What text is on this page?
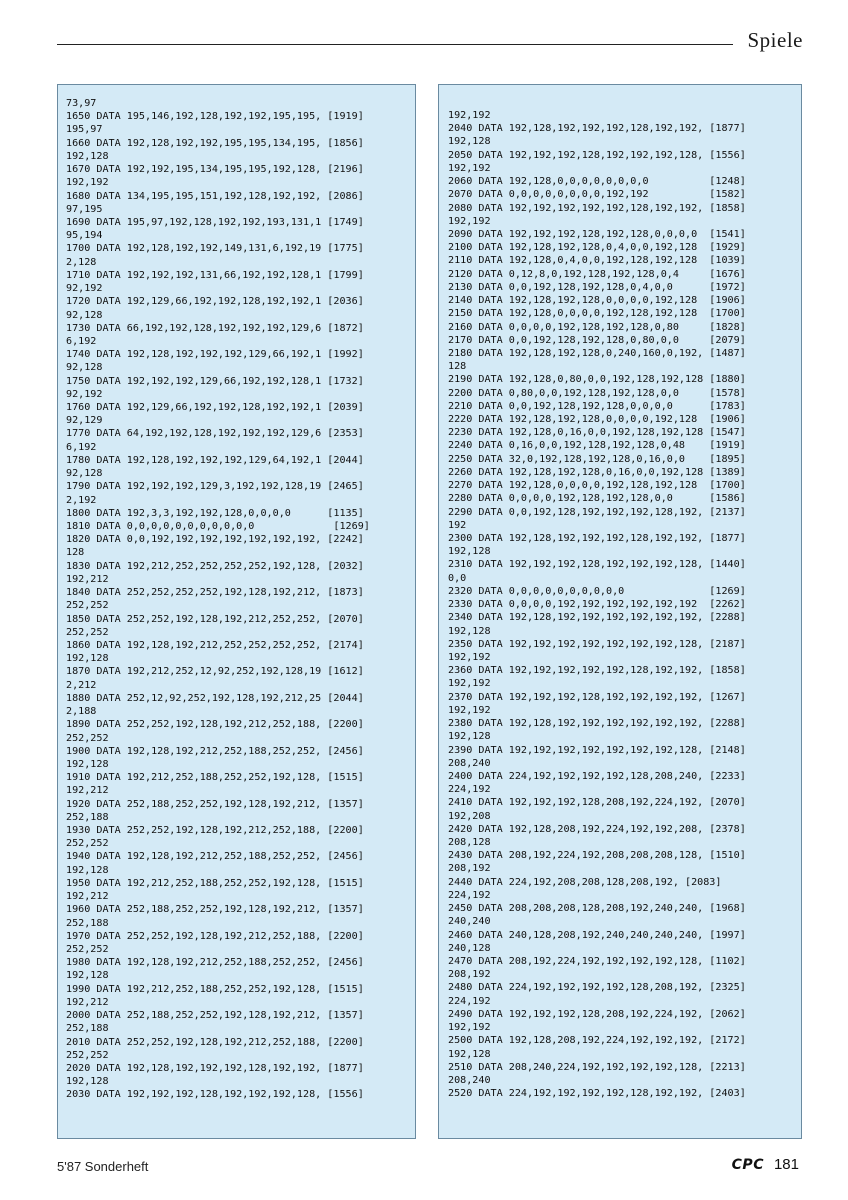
Spiele
73,97
1650 DATA 195,146,192,128,192,192,195,195, [1919]
195,97
1660 DATA 192,128,192,192,195,195,134,195, [1856]
192,128
1670 DATA 192,192,195,134,195,195,192,128, [2196]
192,192
1680 DATA 134,195,195,151,192,128,192,192, [2086]
97,195
1690 DATA 195,97,192,128,192,192,193,131,1 [1749]
95,194
1700 DATA 192,128,192,192,149,131,6,192,19 [1775]
2,128
1710 DATA 192,192,192,131,66,192,192,128,1 [1799]
92,192
1720 DATA 192,129,66,192,192,128,192,192,1 [2036]
92,128
1730 DATA 66,192,192,128,192,192,192,129,6 [1872]
6,192
1740 DATA 192,128,192,192,192,129,66,192,1 [1992]
92,128
1750 DATA 192,192,192,129,66,192,192,128,1 [1732]
92,192
1760 DATA 192,129,66,192,192,128,192,192,1 [2039]
92,129
1770 DATA 64,192,192,128,192,192,192,129,6 [2353]
6,192
1780 DATA 192,128,192,192,192,129,64,192,1 [2044]
92,128
1790 DATA 192,192,192,129,3,192,192,128,19 [2465]
2,192
1800 DATA 192,3,3,192,192,128,0,0,0,0      [1135]
1810 DATA 0,0,0,0,0,0,0,0,0,0,0             [1269]
1820 DATA 0,0,192,192,192,192,192,192,192, [2242]
128
1830 DATA 192,212,252,252,252,252,192,128, [2032]
192,212
1840 DATA 252,252,252,252,192,128,192,212, [1873]
252,252
1850 DATA 252,252,192,128,192,212,252,252, [2070]
252,252
1860 DATA 192,128,192,212,252,252,252,252, [2174]
192,128
1870 DATA 192,212,252,12,92,252,192,128,19 [1612]
2,212
1880 DATA 252,12,92,252,192,128,192,212,25 [2044]
2,188
1890 DATA 252,252,192,128,192,212,252,188, [2200]
252,252
1900 DATA 192,128,192,212,252,188,252,252, [2456]
192,128
1910 DATA 192,212,252,188,252,252,192,128, [1515]
192,212
1920 DATA 252,188,252,252,192,128,192,212, [1357]
252,188
1930 DATA 252,252,192,128,192,212,252,188, [2200]
252,252
1940 DATA 192,128,192,212,252,188,252,252, [2456]
192,128
1950 DATA 192,212,252,188,252,252,192,128, [1515]
192,212
1960 DATA 252,188,252,252,192,128,192,212, [1357]
252,188
1970 DATA 252,252,192,128,192,212,252,188, [2200]
252,252
1980 DATA 192,128,192,212,252,188,252,252, [2456]
192,128
1990 DATA 192,212,252,188,252,252,192,128, [1515]
192,212
2000 DATA 252,188,252,252,192,128,192,212, [1357]
252,188
2010 DATA 252,252,192,128,192,212,252,188, [2200]
252,252
2020 DATA 192,128,192,192,192,128,192,192, [1877]
192,128
2030 DATA 192,192,192,128,192,192,192,128, [1556]
192,192
2040 DATA 192,128,192,192,192,128,192,192, [1877]
192,128
2050 DATA 192,192,192,128,192,192,192,128, [1556]
192,192
2060 DATA 192,128,0,0,0,0,0,0,0,0          [1248]
2070 DATA 0,0,0,0,0,0,0,0,192,192          [1582]
2080 DATA 192,192,192,192,192,128,192,192, [1858]
192,192
2090 DATA 192,192,192,128,192,128,0,0,0,0  [1541]
2100 DATA 192,128,192,128,0,4,0,0,192,128  [1929]
2110 DATA 192,128,0,4,0,0,192,128,192,128  [1039]
2120 DATA 0,12,8,0,192,128,192,128,0,4     [1676]
2130 DATA 0,0,192,128,192,128,0,4,0,0      [1972]
2140 DATA 192,128,192,128,0,0,0,0,192,128  [1906]
2150 DATA 192,128,0,0,0,0,192,128,192,128  [1700]
2160 DATA 0,0,0,0,192,128,192,128,0,80     [1828]
2170 DATA 0,0,192,128,192,128,0,80,0,0     [2079]
2180 DATA 192,128,192,128,0,240,160,0,192, [1487]
128
2190 DATA 192,128,0,80,0,0,192,128,192,128 [1880]
2200 DATA 0,80,0,0,192,128,192,128,0,0     [1578]
2210 DATA 0,0,192,128,192,128,0,0,0,0      [1783]
2220 DATA 192,128,192,128,0,0,0,0,192,128  [1906]
2230 DATA 192,128,0,16,0,0,192,128,192,128 [1547]
2240 DATA 0,16,0,0,192,128,192,128,0,48    [1919]
2250 DATA 32,0,192,128,192,128,0,16,0,0    [1895]
2260 DATA 192,128,192,128,0,16,0,0,192,128 [1389]
2270 DATA 192,128,0,0,0,0,192,128,192,128  [1700]
2280 DATA 0,0,0,0,192,128,192,128,0,0      [1586]
2290 DATA 0,0,192,128,192,192,192,128,192, [2137]
192
2300 DATA 192,128,192,192,192,128,192,192, [1877]
192,128
2310 DATA 192,192,192,128,192,192,192,128, [1440]
0,0
2320 DATA 0,0,0,0,0,0,0,0,0,0              [1269]
2330 DATA 0,0,0,0,192,192,192,192,192,192  [2262]
2340 DATA 192,128,192,192,192,192,192,192, [2288]
192,128
2350 DATA 192,192,192,192,192,192,192,128, [2187]
192,192
2360 DATA 192,192,192,192,192,128,192,192, [1858]
192,192
2370 DATA 192,192,192,128,192,192,192,192, [1267]
192,192
2380 DATA 192,128,192,192,192,192,192,192, [2288]
192,128
2390 DATA 192,192,192,192,192,192,192,128, [2148]
208,240
2400 DATA 224,192,192,192,192,128,208,240, [2233]
224,192
2410 DATA 192,192,192,128,208,192,224,192, [2070]
192,208
2420 DATA 192,128,208,192,224,192,192,208, [2378]
208,128
2430 DATA 208,192,224,192,208,208,208,128, [1510]
208,192
2440 DATA 224,192,208,208,128,208,192, [2083]
224,192
2450 DATA 208,208,208,128,208,192,240,240, [1968]
240,240
2460 DATA 240,128,208,192,240,240,240,240, [1997]
240,128
2470 DATA 208,192,224,192,192,192,192,128, [1102]
208,192
2480 DATA 224,192,192,192,192,128,208,192, [2325]
224,192
2490 DATA 192,192,192,128,208,192,224,192, [2062]
192,192
2500 DATA 192,128,208,192,224,192,192,192, [2172]
192,128
2510 DATA 208,240,224,192,192,192,192,128, [2213]
208,240
2520 DATA 224,192,192,192,192,128,192,192, [2403]
5'87 Sonderheft	CPC 181
